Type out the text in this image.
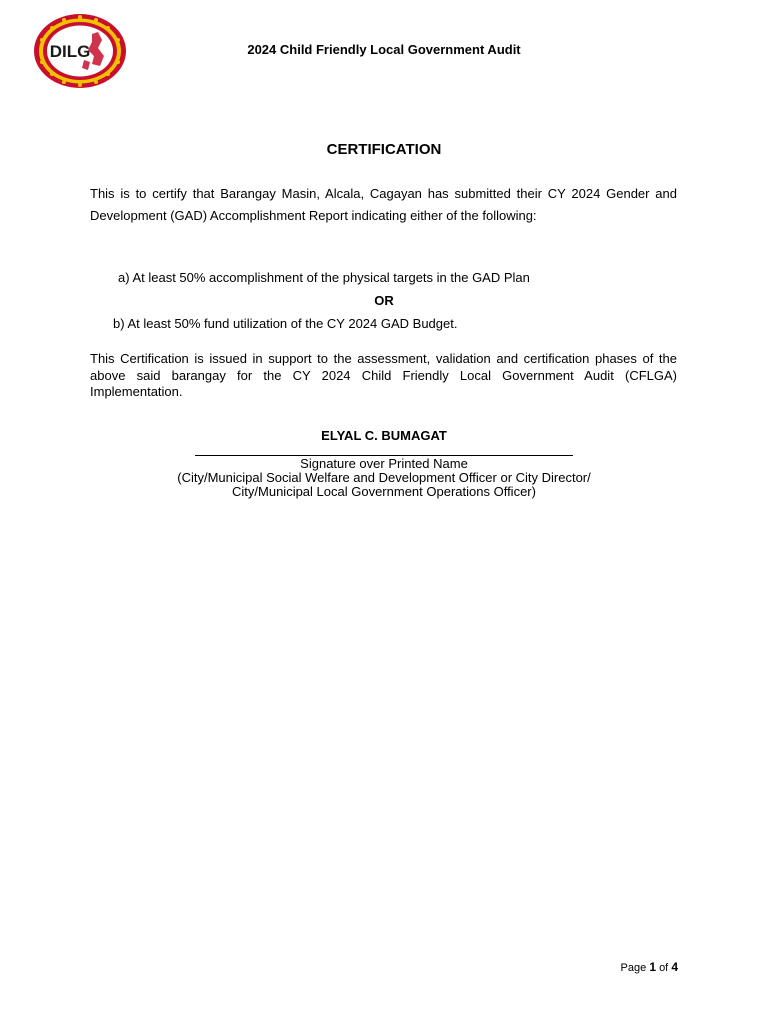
DILG	2024 Child Friendly Local Government Audit
CERTIFICATION
This is to certify that Barangay Masin, Alcala, Cagayan has submitted their CY 2024 Gender and Development (GAD) Accomplishment Report indicating either of the following:
a) At least 50% accomplishment of the physical targets in the GAD Plan
OR
b) At least 50% fund utilization of the CY 2024 GAD Budget.
This Certification is issued in support to the assessment, validation and certification phases of the above said barangay for the CY 2024 Child Friendly Local Government Audit (CFLGA) Implementation.
ELYAL C. BUMAGAT
Signature over Printed Name
(City/Municipal Social Welfare and Development Officer or City Director/
City/Municipal Local Government Operations Officer)
Page 1 of 4
